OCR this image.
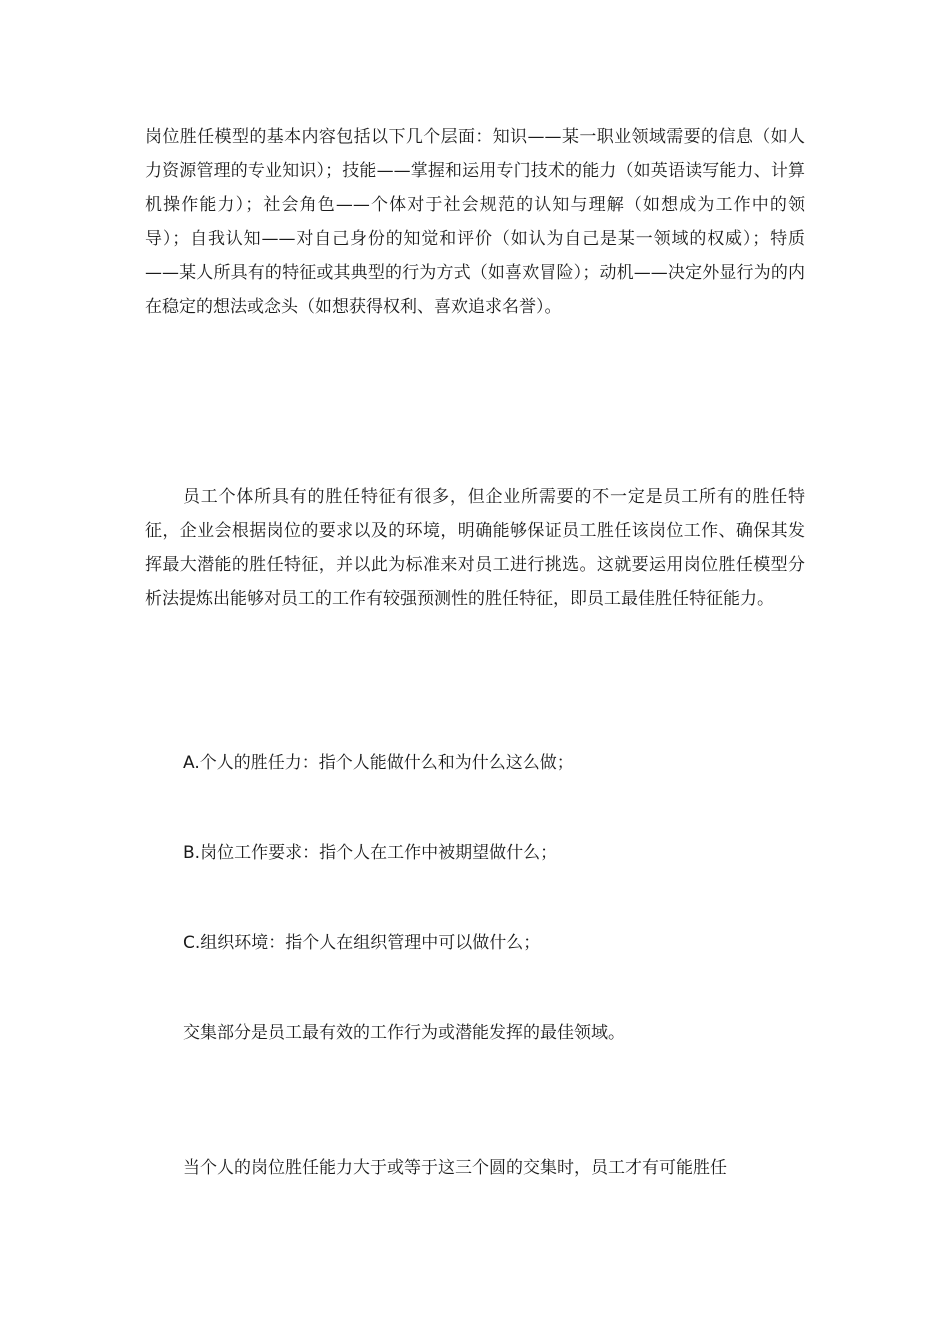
岗位胜任模型的基本内容包括以下几个层面：知识——某一职业领域需要的信息（如人力资源管理的专业知识）；技能——掌握和运用专门技术的能力（如英语读写能力、计算机操作能力）；社会角色——个体对于社会规范的认知与理解（如想成为工作中的领导）；自我认知——对自己身份的知觉和评价（如认为自己是某一领域的权威）；特质——某人所具有的特征或其典型的行为方式（如喜欢冒险）；动机——决定外显行为的内在稳定的想法或念头（如想获得权利、喜欢追求名誉）。

员工个体所具有的胜任特征有很多，但企业所需要的不一定是员工所有的胜任特征，企业会根据岗位的要求以及的环境，明确能够保证员工胜任该岗位工作、确保其发挥最大潜能的胜任特征，并以此为标准来对员工进行挑选。这就要运用岗位胜任模型分析法提炼出能够对员工的工作有较强预测性的胜任特征，即员工最佳胜任特征能力。

A.个人的胜任力：指个人能做什么和为什么这么做；

B.岗位工作要求：指个人在工作中被期望做什么；

C.组织环境：指个人在组织管理中可以做什么；

交集部分是员工最有效的工作行为或潜能发挥的最佳领域。

当个人的岗位胜任能力大于或等于这三个圆的交集时，员工才有可能胜任
